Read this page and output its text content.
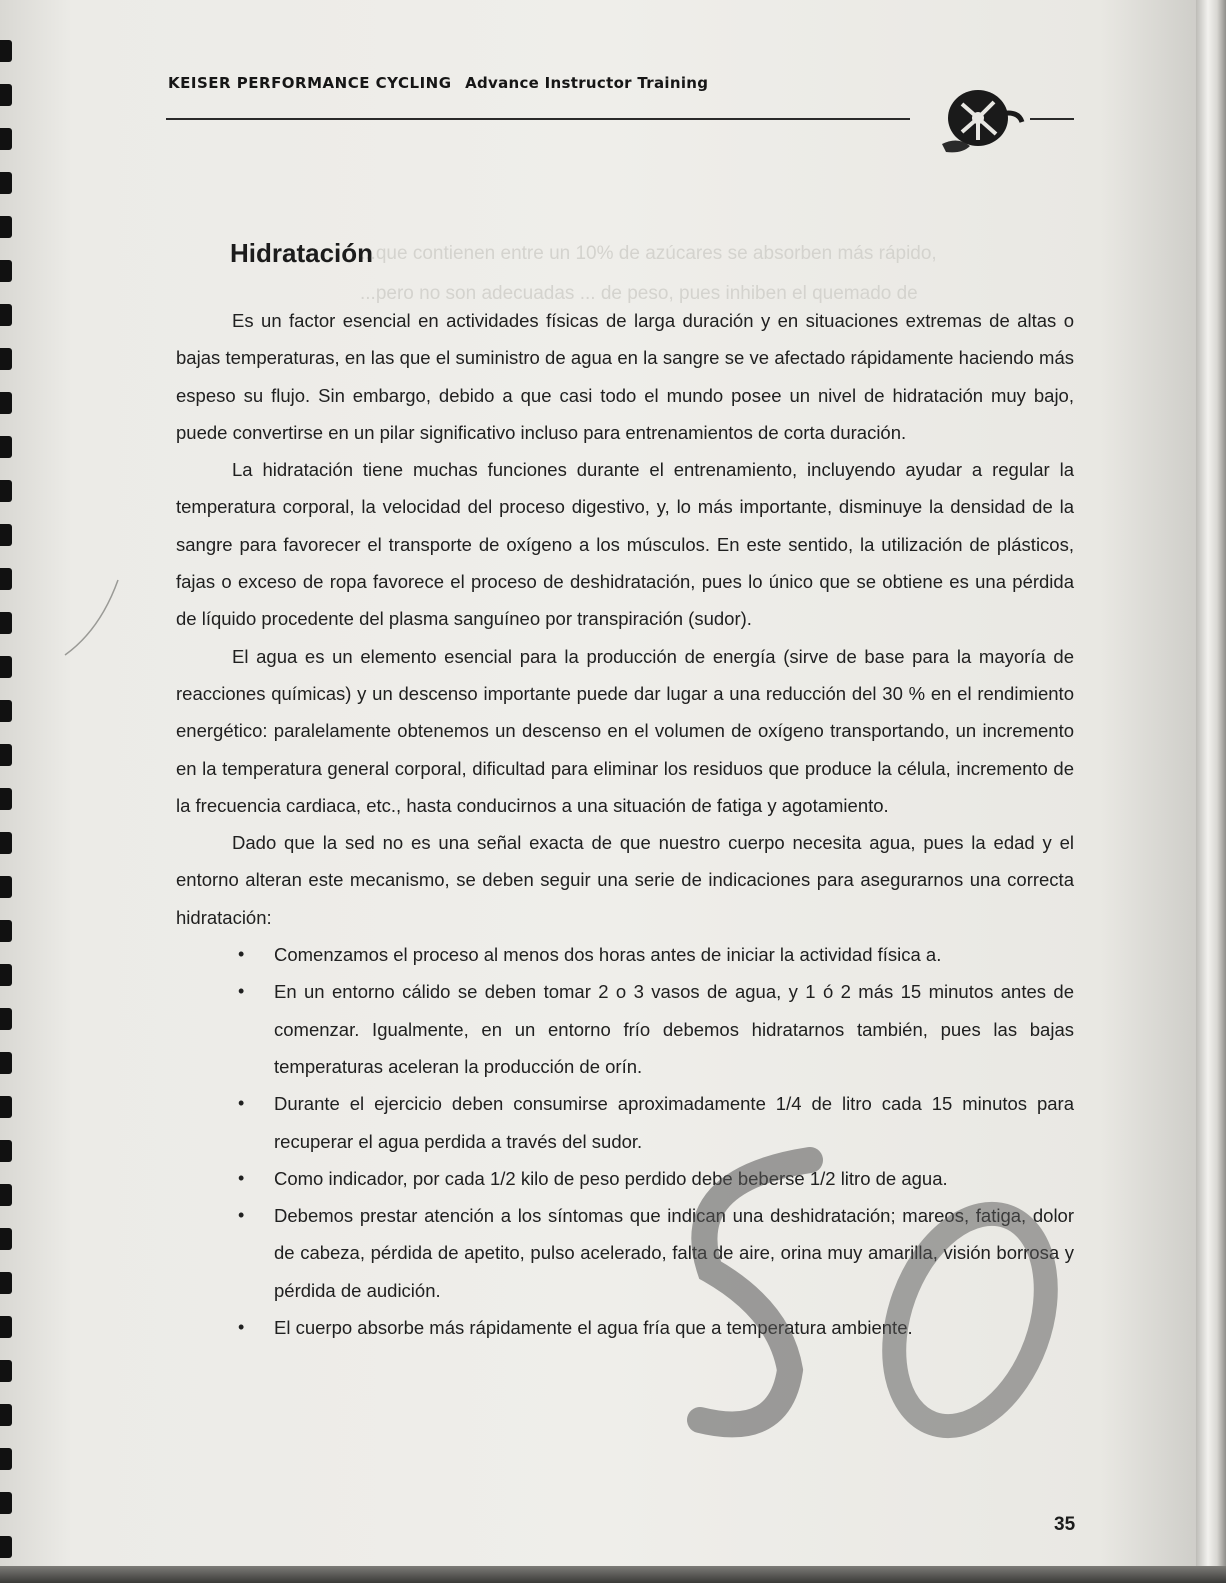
...que contienen entre un 10% de azúcares se absorben más rápido,
...pero no son adecuadas ... de peso, pues inhiben el quemado de
KEISER PERFORMANCE CYCLING Advance Instructor Training
Hidratación

Es un factor esencial en actividades físicas de larga duración y en situaciones extremas de altas o bajas temperaturas, en las que el suministro de agua en la sangre se ve afectado rápidamente haciendo más espeso su flujo. Sin embargo, debido a que casi todo el mundo posee un nivel de hidratación muy bajo, puede convertirse en un pilar significativo incluso para entrenamientos de corta duración.

La hidratación tiene muchas funciones durante el entrenamiento, incluyendo ayudar a regular la temperatura corporal, la velocidad del proceso digestivo, y, lo más importante, disminuye la densidad de la sangre para favorecer el transporte de oxígeno a los músculos. En este sentido, la utilización de plásticos, fajas o exceso de ropa favorece el proceso de deshidratación, pues lo único que se obtiene es una pérdida de líquido procedente del plasma sanguíneo por transpiración (sudor).

El agua es un elemento esencial para la producción de energía (sirve de base para la mayoría de reacciones químicas) y un descenso importante puede dar lugar a una reducción del 30 % en el rendimiento energético: paralelamente obtenemos un descenso en el volumen de oxígeno transportando, un incremento en la temperatura general corporal, dificultad para eliminar los residuos que produce la célula, incremento de la frecuencia cardiaca, etc., hasta conducirnos a una situación de fatiga y agotamiento.

Dado que la sed no es una señal exacta de que nuestro cuerpo necesita agua, pues la edad y el entorno alteran este mecanismo, se deben seguir una serie de indicaciones para asegurarnos una correcta hidratación:

• Comenzamos el proceso al menos dos horas antes de iniciar la actividad física a.
• En un entorno cálido se deben tomar 2 o 3 vasos de agua, y 1 ó 2 más 15 minutos antes de comenzar. Igualmente, en un entorno frío debemos hidratarnos también, pues las bajas temperaturas aceleran la producción de orín.
• Durante el ejercicio deben consumirse aproximadamente 1/4 de litro cada 15 minutos para recuperar el agua perdida a través del sudor.
• Como indicador, por cada 1/2 kilo de peso perdido debe beberse 1/2 litro de agua.
• Debemos prestar atención a los síntomas que indican una deshidratación; mareos, fatiga, dolor de cabeza, pérdida de apetito, pulso acelerado, falta de aire, orina muy amarilla, visión borrosa y pérdida de audición.
• El cuerpo absorbe más rápidamente el agua fría que a temperatura ambiente.
35
